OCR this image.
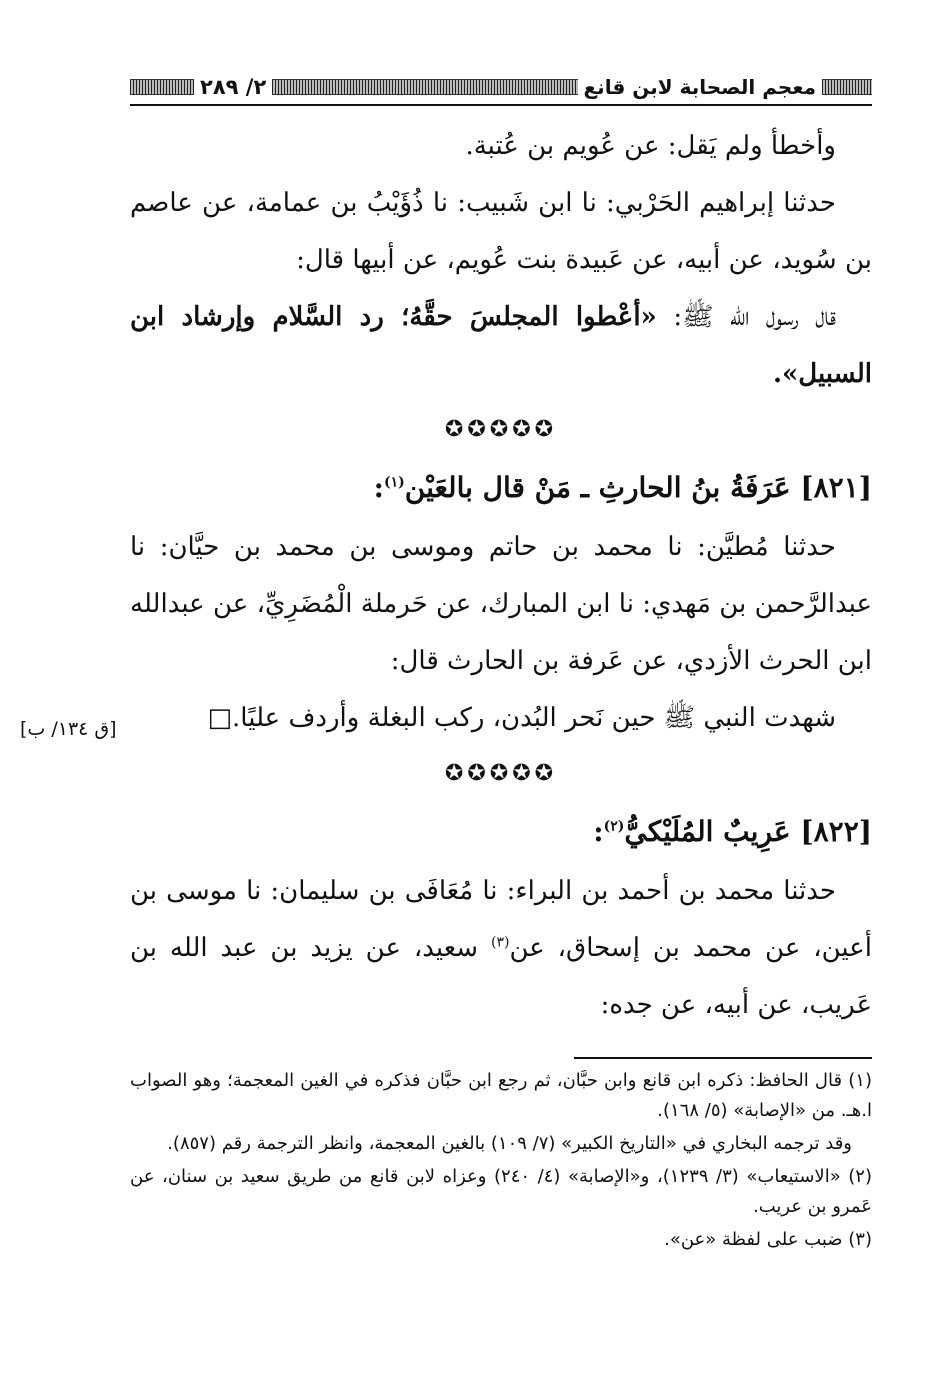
معجم الصحابة لابن قانع
٢/ ٢٨٩

وأخطأ ولم يَقل: عن عُويم بن عُتبة.

حدثنا إبراهيم الحَرْبي: نا ابن شَبيب: نا ذُؤَيْبُ بن عمامة، عن عاصم بن سُويد، عن أبيه، عن عَبيدة بنت عُويم، عن أبيها قال:

قال رسول الله ﷺ: «أعْطوا المجلسَ حقَّهُ؛ رد السَّلام وإرشاد ابن السبيل».

✪✪✪✪✪

[٨٢١] عَرَفَةُ بنُ الحارثِ ـ مَنْ قال بالعَيْن$^{(١)}$:

حدثنا مُطيَّن: نا محمد بن حاتم وموسى بن محمد بن حيَّان: نا عبدالرَّحمن بن مَهدي: نا ابن المبارك، عن حَرملة الْمُضَرِيِّ، عن عبدالله ابن الحرث الأزدي، عن عَرفة بن الحارث قال:

شهدت النبي ﷺ حين نَحر البُدن، ركب البغلة وأردف عليًا.□

✪✪✪✪✪

[٨٢٢] عَرِيبٌ المُلَيْكيُّ$^{(٢)}$:

حدثنا محمد بن أحمد بن البراء: نا مُعَافَى بن سليمان: نا موسى بن أعين، عن محمد بن إسحاق، عن$^{(٣)}$ سعيد، عن يزيد بن عبد الله بن عَريب، عن أبيه، عن جده:

[ق ١٣٤/ ب]

(١) قال الحافظ: ذكره ابن قانع وابن حبَّان، ثم رجع ابن حبَّان فذكره في الغين المعجمة؛ وهو الصواب ا.هـ. من «الإصابة» (٥/ ١٦٨).

وقد ترجمه البخاري في «التاريخ الكبير» (٧/ ١٠٩) بالغين المعجمة، وانظر الترجمة رقم (٨٥٧).

(٢) «الاستيعاب» (٣/ ١٢٣٩)، و«الإصابة» (٤/ ٢٤٠) وعزاه لابن قانع من طريق سعيد بن سنان، عن عَمرو بن عريب.

(٣) ضبب على لفظة «عن».
